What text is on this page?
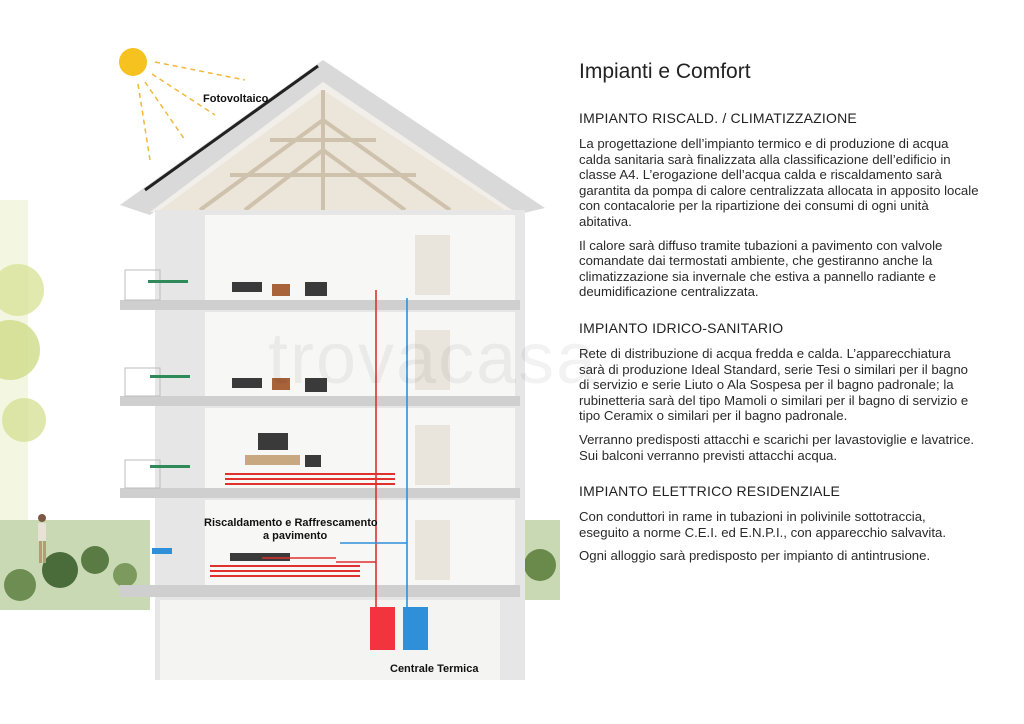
Fotovoltaico
Riscaldamento e Raffrescamento
a pavimento
Centrale Termica
Impianti e Comfort
IMPIANTO RISCALD. / CLIMATIZZAZIONE

La progettazione dell’impianto termico e di produzione di acqua calda sanitaria sarà finalizzata alla classificazione dell’edificio in classe A4. L’erogazione dell’acqua calda e riscaldamento sarà garantita da pompa di calore centralizzata allocata in apposito locale con contacalorie per la ripartizione dei consumi di ogni unità abitativa.

Il calore sarà diffuso tramite tubazioni a pavimento con valvole comandate dai termostati ambiente, che gestiranno anche la climatizzazione sia invernale che estiva a pannello radiante e deumidificazione centralizzata.

IMPIANTO IDRICO-SANITARIO

Rete di distribuzione di acqua fredda e calda. L’apparecchiatura sarà di produzione Ideal Standard, serie Tesi o similari per il bagno di servizio e serie Liuto o Ala Sospesa per il bagno padronale; la rubinetteria sarà del tipo Mamoli o similari per il bagno di servizio e tipo Ceramix o similari per il bagno padronale.

Verranno predisposti attacchi e scarichi per lavastoviglie e lavatrice. Sui balconi verranno previsti attacchi acqua.

IMPIANTO ELETTRICO RESIDENZIALE

Con conduttori in rame in tubazioni in polivinile sottotraccia, eseguito a norme C.E.I. ed E.N.P.I., con apparecchio salvavita.

Ogni alloggio sarà predisposto per impianto di antintrusione.
